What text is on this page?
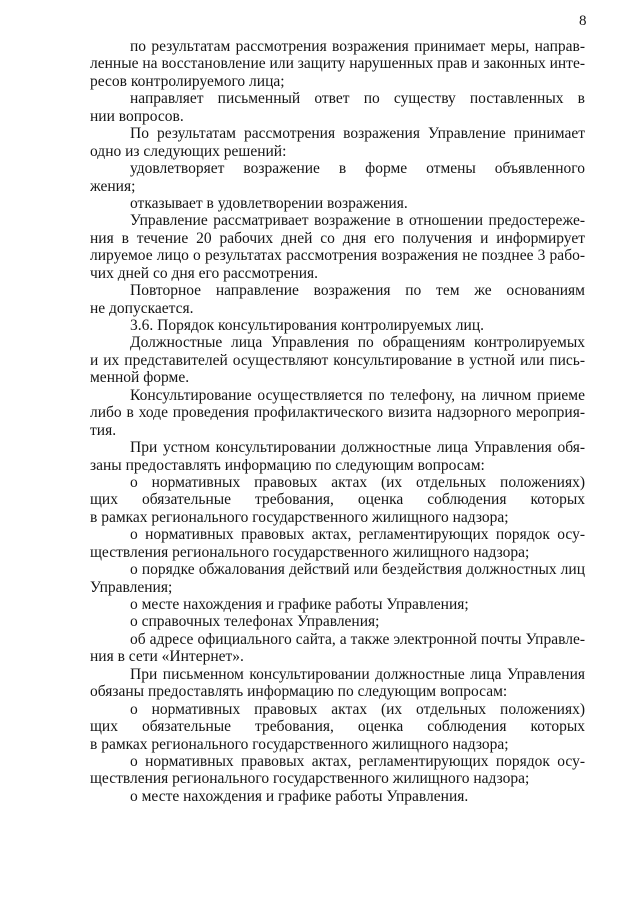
8
по результатам рассмотрения возражения принимает меры, направ-
ленные на восстановление или защиту нарушенных прав и законных инте-
ресов контролируемого лица;
направляет письменный ответ по существу поставленных в
нии вопросов.
По результатам рассмотрения возражения Управление принимает
одно из следующих решений:
удовлетворяет возражение в форме отмены объявленного
жения;
отказывает в удовлетворении возражения.
Управление рассматривает возражение в отношении предостереже-
ния в течение 20 рабочих дней со дня его получения и информирует
лируемое лицо о результатах рассмотрения возражения не позднее 3 рабо-
чих дней со дня его рассмотрения.
Повторное направление возражения по тем же основаниям
не допускается.
3.6. Порядок консультирования контролируемых лиц.
Должностные лица Управления по обращениям контролируемых
и их представителей осуществляют консультирование в устной или пись-
менной форме.
Консультирование осуществляется по телефону, на личном приеме
либо в ходе проведения профилактического визита надзорного мероприя-
тия.
При устном консультировании должностные лица Управления обя-
заны предоставлять информацию по следующим вопросам:
о нормативных правовых актах (их отдельных положениях)
щих обязательные требования, оценка соблюдения которых
в рамках регионального государственного жилищного надзора;
о нормативных правовых актах, регламентирующих порядок осу-
ществления регионального государственного жилищного надзора;
о порядке обжалования действий или бездействия должностных лиц
Управления;
о месте нахождения и графике работы Управления;
о справочных телефонах Управления;
об адресе официального сайта, а также электронной почты Управле-
ния в сети «Интернет».
При письменном консультировании должностные лица Управления
обязаны предоставлять информацию по следующим вопросам:
о нормативных правовых актах (их отдельных положениях)
щих обязательные требования, оценка соблюдения которых
в рамках регионального государственного жилищного надзора;
о нормативных правовых актах, регламентирующих порядок осу-
ществления регионального государственного жилищного надзора;
о месте нахождения и графике работы Управления.
